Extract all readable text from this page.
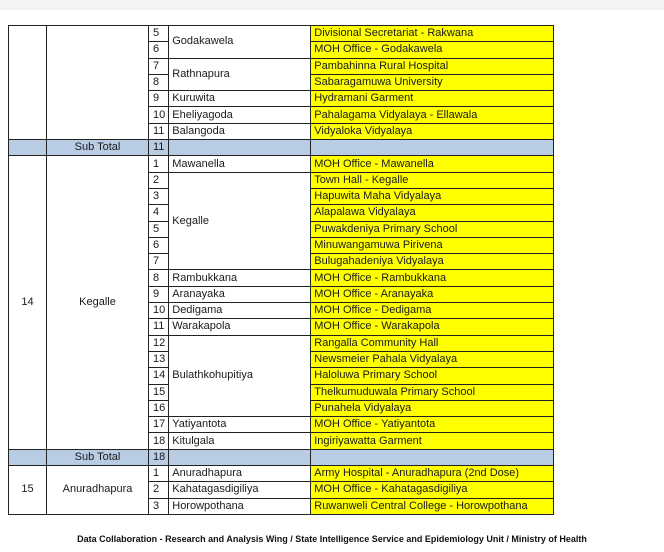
		5	Godakawela	Divisional Secretariat - Rakwana
		6		MOH Office - Godakawela
		7	Rathnapura	Pambahinna Rural Hospital
		8		Sabaragamuwa University
		9	Kuruwita	Hydramani Garment
		10	Eheliyagoda	Pahalagama Vidyalaya - Ellawala
		11	Balangoda	Vidyaloka Vidyalaya
	Sub Total	11		
14	Kegalle	1	Mawanella	MOH Office - Mawanella
		2	Kegalle	Town Hall - Kegalle
		3		Hapuwita Maha Vidyalaya
		4		Alapalawa Vidyalaya
		5		Puwakdeniya Primary School
		6		Minuwangamuwa Pirivena
		7		Bulugahadeniya Vidyalaya
		8	Rambukkana	MOH Office - Rambukkana
		9	Aranayaka	MOH Office - Aranayaka
		10	Dedigama	MOH Office - Dedigama
		11	Warakapola	MOH Office - Warakapola
		12	Bulathkohupitiya	Rangalla Community Hall
		13		Newsmeier Pahala Vidyalaya
		14		Haloluwa Primary School
		15		Thelkumuduwala Primary School
		16		Punahela Vidyalaya
		17	Yatiyantota	MOH Office - Yatiyantota
		18	Kitulgala	Ingiriyawatta Garment
	Sub Total	18		
15	Anuradhapura	1	Anuradhapura	Army Hospital - Anuradhapura (2nd Dose)
		2	Kahatagasdigiliya	MOH Office - Kahatagasdigiliya
		3	Horowpothana	Ruwanweli Central College - Horowpothana
Data Collaboration - Research and Analysis Wing / State Intelligence Service and Epidemiology Unit / Ministry of Health
